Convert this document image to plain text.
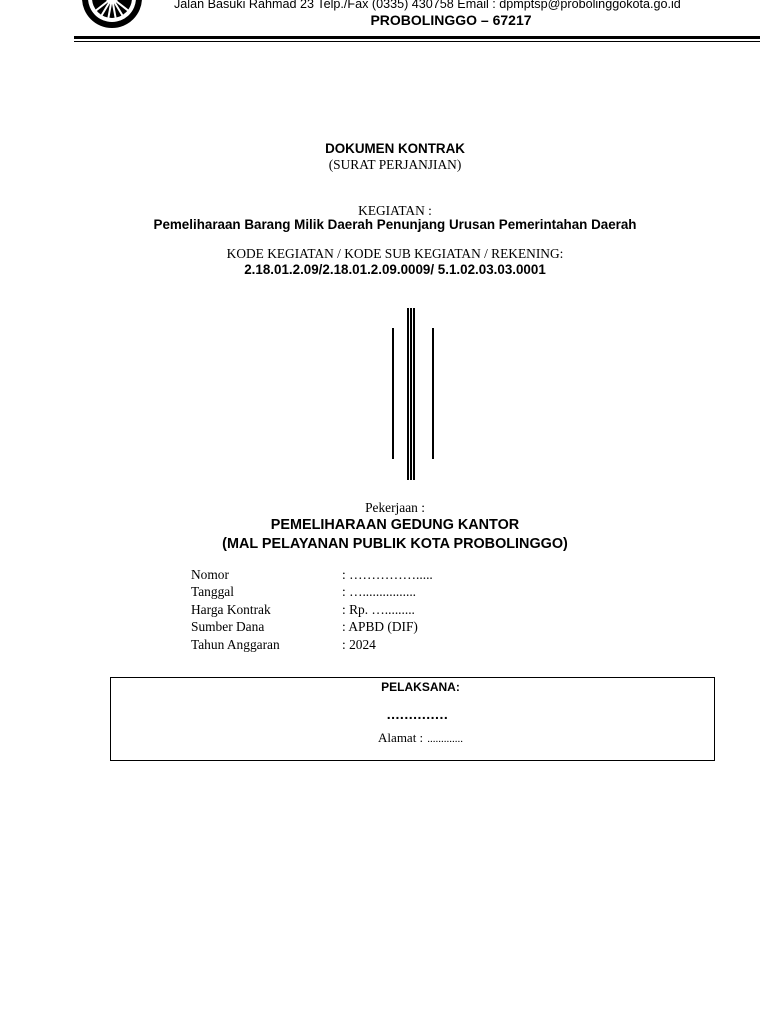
Jalan Basuki Rahmad 23 Telp./Fax (0335) 430758 Email : dpmptsp@probolinggokota.go.id
PROBOLINGGO – 67217
DOKUMEN KONTRAK
(SURAT PERJANJIAN)
KEGIATAN :
Pemeliharaan Barang Milik Daerah Penunjang Urusan Pemerintahan Daerah
KODE KEGIATAN / KODE SUB KEGIATAN / REKENING:
2.18.01.2.09/2.18.01.2.09.0009/ 5.1.02.03.03.0001
Pekerjaan :
PEMELIHARAAN GEDUNG KANTOR
(MAL PELAYANAN PUBLIK KOTA PROBOLINGGO)
Nomor	: …………….....
Tanggal	: …................
Harga Kontrak	: Rp. ….........
Sumber Dana	: APBD (DIF)
Tahun Anggaran	: 2024
PELAKSANA:
..............
Alamat : .............
